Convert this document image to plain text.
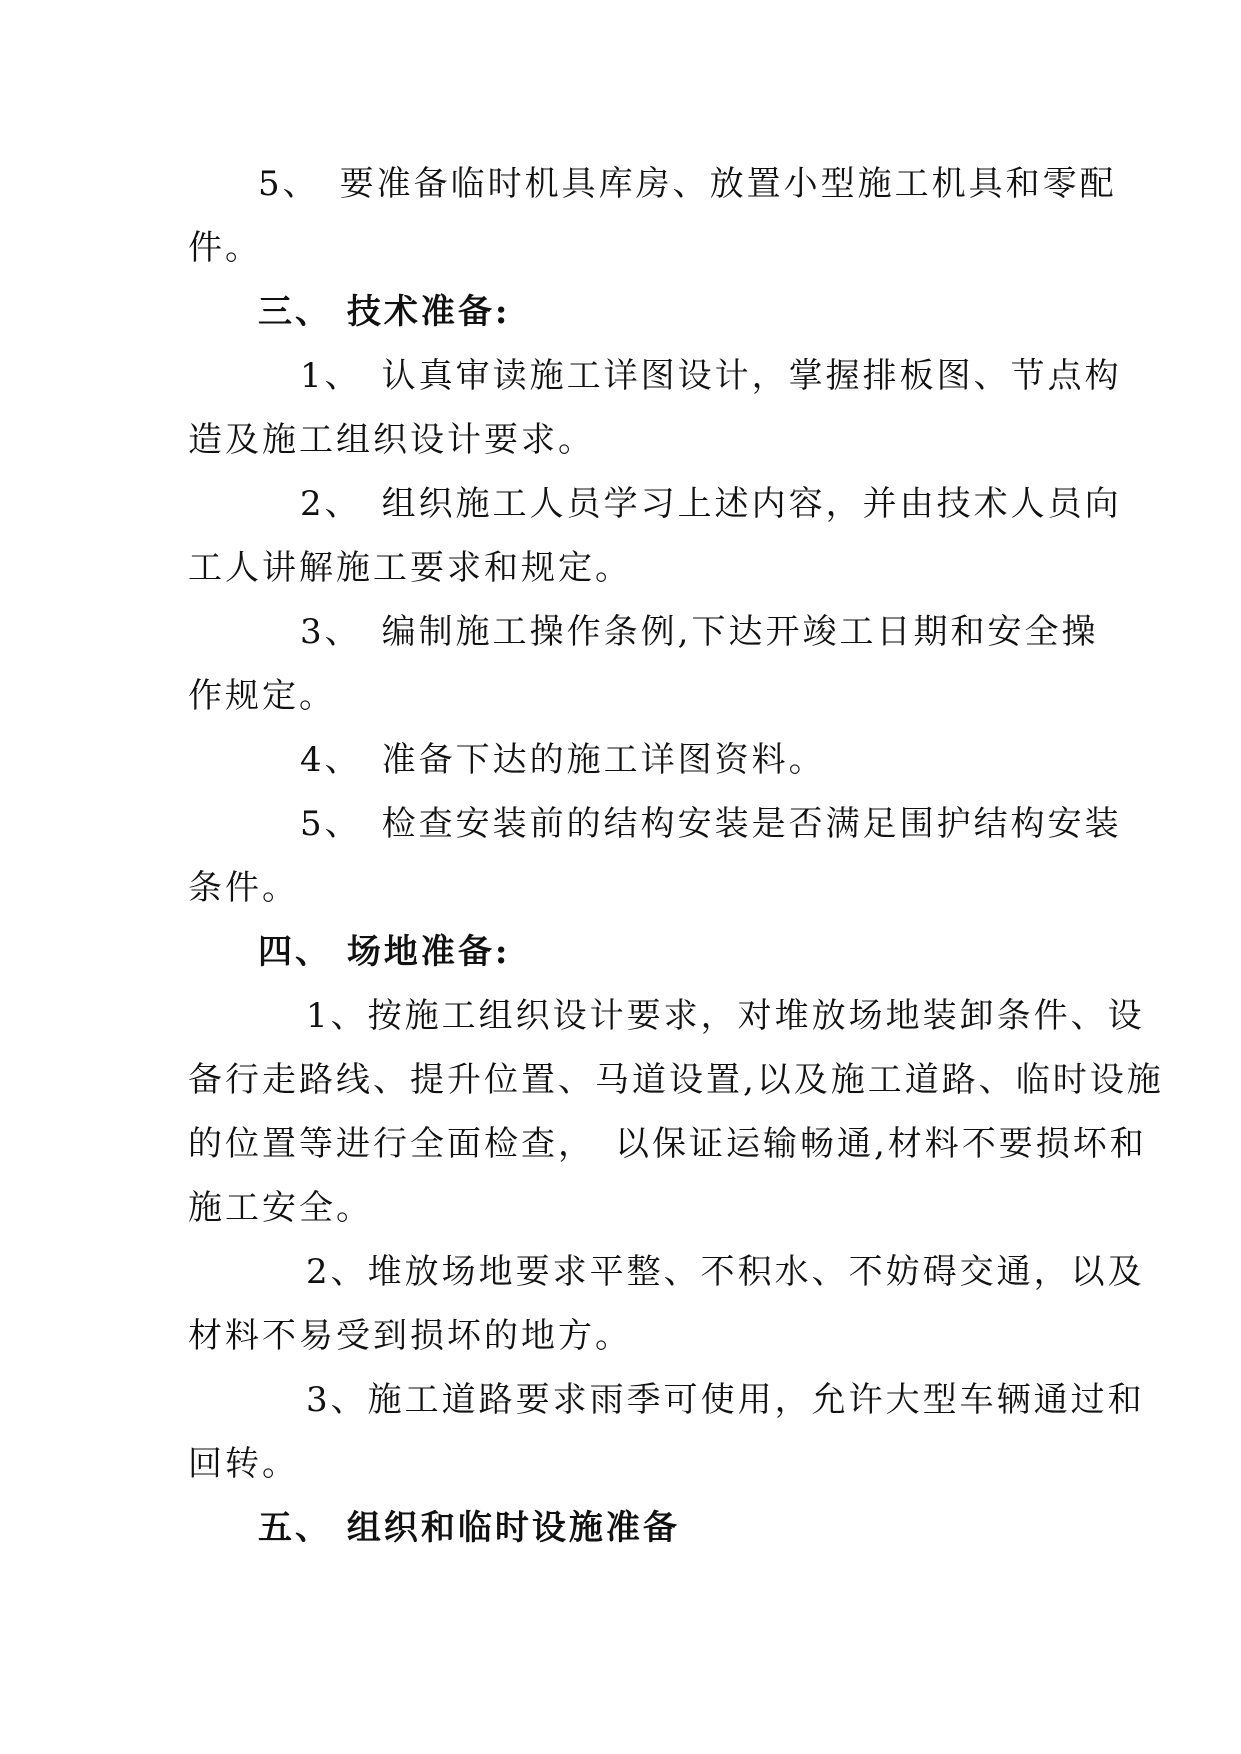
5、　要准备临时机具库房、放置小型施工机具和零配
件。
三、 技术准备:
1、　认真审读施工详图设计，掌握排板图、节点构
造及施工组织设计要求。
2、　组织施工人员学习上述内容，并由技术人员向
工人讲解施工要求和规定。
3、　编制施工操作条例,下达开竣工日期和安全操
作规定。
4、　准备下达的施工详图资料。
5、　检查安装前的结构安装是否满足围护结构安装
条件。
四、 场地准备:
1、按施工组织设计要求，对堆放场地装卸条件、设
备行走路线、提升位置、马道设置,以及施工道路、临时设施
的位置等进行全面检查，　以保证运输畅通,材料不要损坏和
施工安全。
2、堆放场地要求平整、不积水、不妨碍交通，以及
材料不易受到损坏的地方。
3、施工道路要求雨季可使用，允许大型车辆通过和
回转。
五、 组织和临时设施准备
